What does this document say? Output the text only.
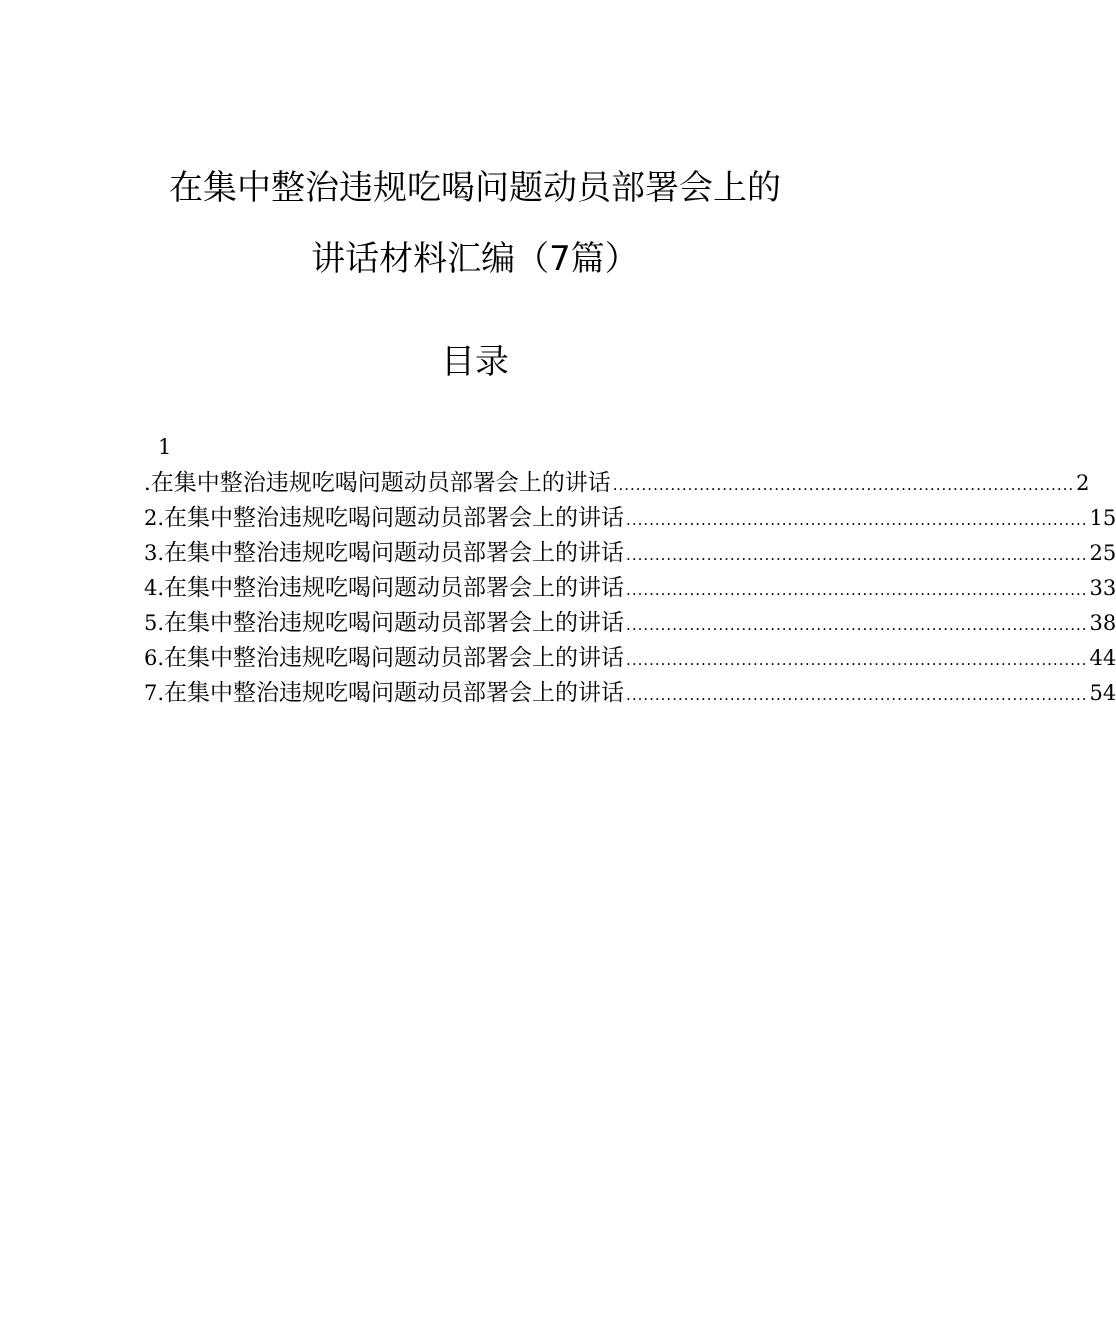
在集中整治违规吃喝问题动员部署会上的
讲话材料汇编（7篇）
目录
1
. 在集中整治违规吃喝问题动员部署会上的讲话 ................................................................................ 2
2. 在集中整治违规吃喝问题动员部署会上的讲话 ................................................................................ 15
3. 在集中整治违规吃喝问题动员部署会上的讲话 ................................................................................ 25
4. 在集中整治违规吃喝问题动员部署会上的讲话 ................................................................................ 33
5. 在集中整治违规吃喝问题动员部署会上的讲话 ................................................................................ 38
6. 在集中整治违规吃喝问题动员部署会上的讲话 ................................................................................ 44
7. 在集中整治违规吃喝问题动员部署会上的讲话 ................................................................................ 54
